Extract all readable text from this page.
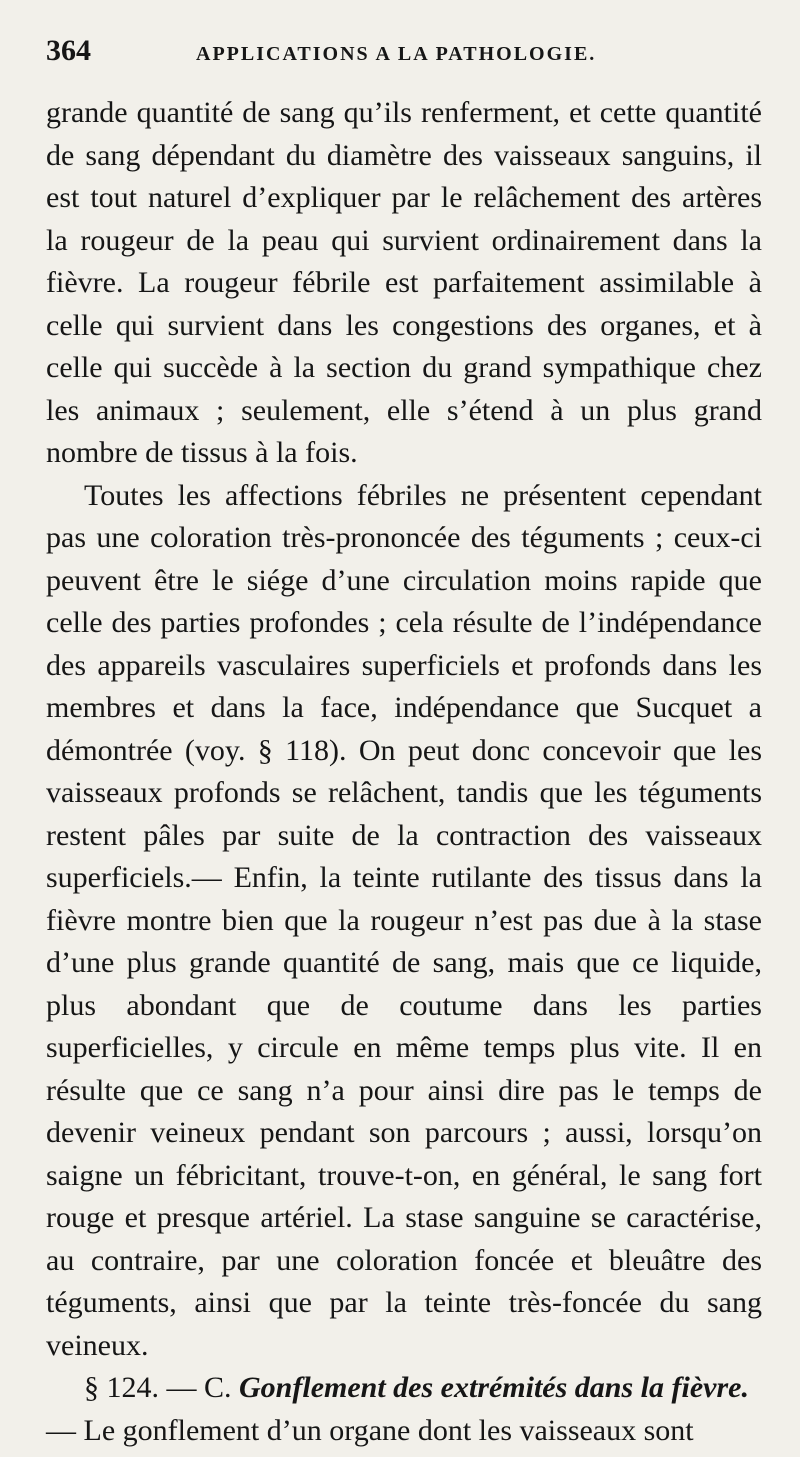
364	APPLICATIONS A LA PATHOLOGIE.

grande quantité de sang qu’ils renferment, et cette quantité de sang dépendant du diamètre des vaisseaux sanguins, il est tout naturel d’expliquer par le relâchement des artères la rougeur de la peau qui survient ordinairement dans la fièvre. La rougeur fébrile est parfaitement assimilable à celle qui survient dans les congestions des organes, et à celle qui succède à la section du grand sympathique chez les animaux ; seulement, elle s’étend à un plus grand nombre de tissus à la fois.

Toutes les affections fébriles ne présentent cependant pas une coloration très-prononcée des téguments ; ceux-ci peuvent être le siége d’une circulation moins rapide que celle des parties profondes ; cela résulte de l’indépendance des appareils vasculaires superficiels et profonds dans les membres et dans la face, indépendance que Sucquet a démontrée (voy. § 118). On peut donc concevoir que les vaisseaux profonds se relâchent, tandis que les téguments restent pâles par suite de la contraction des vaisseaux superficiels.— Enfin, la teinte rutilante des tissus dans la fièvre montre bien que la rougeur n’est pas due à la stase d’une plus grande quantité de sang, mais que ce liquide, plus abondant que de coutume dans les parties superficielles, y circule en même temps plus vite. Il en résulte que ce sang n’a pour ainsi dire pas le temps de devenir veineux pendant son parcours ; aussi, lorsqu’on saigne un fébricitant, trouve-t-on, en général, le sang fort rouge et presque artériel. La stase sanguine se caractérise, au contraire, par une coloration foncée et bleuâtre des téguments, ainsi que par la teinte très-foncée du sang veineux.

§ 124. — C. Gonflement des extrémités dans la fièvre.

— Le gonflement d’un organe dont les vaisseaux sont
